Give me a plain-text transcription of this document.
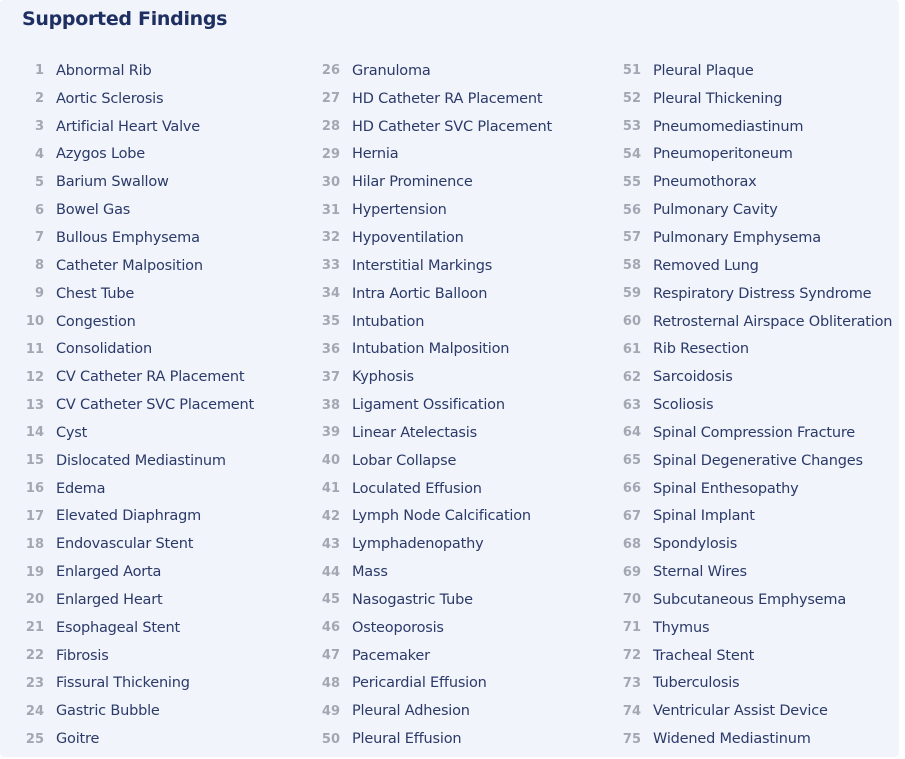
Supported Findings
1 Abnormal Rib
2 Aortic Sclerosis
3 Artificial Heart Valve
4 Azygos Lobe
5 Barium Swallow
6 Bowel Gas
7 Bullous Emphysema
8 Catheter Malposition
9 Chest Tube
10 Congestion
11 Consolidation
12 CV Catheter RA Placement
13 CV Catheter SVC Placement
14 Cyst
15 Dislocated Mediastinum
16 Edema
17 Elevated Diaphragm
18 Endovascular Stent
19 Enlarged Aorta
20 Enlarged Heart
21 Esophageal Stent
22 Fibrosis
23 Fissural Thickening
24 Gastric Bubble
25 Goitre
26 Granuloma
27 HD Catheter RA Placement
28 HD Catheter SVC Placement
29 Hernia
30 Hilar Prominence
31 Hypertension
32 Hypoventilation
33 Interstitial Markings
34 Intra Aortic Balloon
35 Intubation
36 Intubation Malposition
37 Kyphosis
38 Ligament Ossification
39 Linear Atelectasis
40 Lobar Collapse
41 Loculated Effusion
42 Lymph Node Calcification
43 Lymphadenopathy
44 Mass
45 Nasogastric Tube
46 Osteoporosis
47 Pacemaker
48 Pericardial Effusion
49 Pleural Adhesion
50 Pleural Effusion
51 Pleural Plaque
52 Pleural Thickening
53 Pneumomediastinum
54 Pneumoperitoneum
55 Pneumothorax
56 Pulmonary Cavity
57 Pulmonary Emphysema
58 Removed Lung
59 Respiratory Distress Syndrome
60 Retrosternal Airspace Obliteration
61 Rib Resection
62 Sarcoidosis
63 Scoliosis
64 Spinal Compression Fracture
65 Spinal Degenerative Changes
66 Spinal Enthesopathy
67 Spinal Implant
68 Spondylosis
69 Sternal Wires
70 Subcutaneous Emphysema
71 Thymus
72 Tracheal Stent
73 Tuberculosis
74 Ventricular Assist Device
75 Widened Mediastinum
